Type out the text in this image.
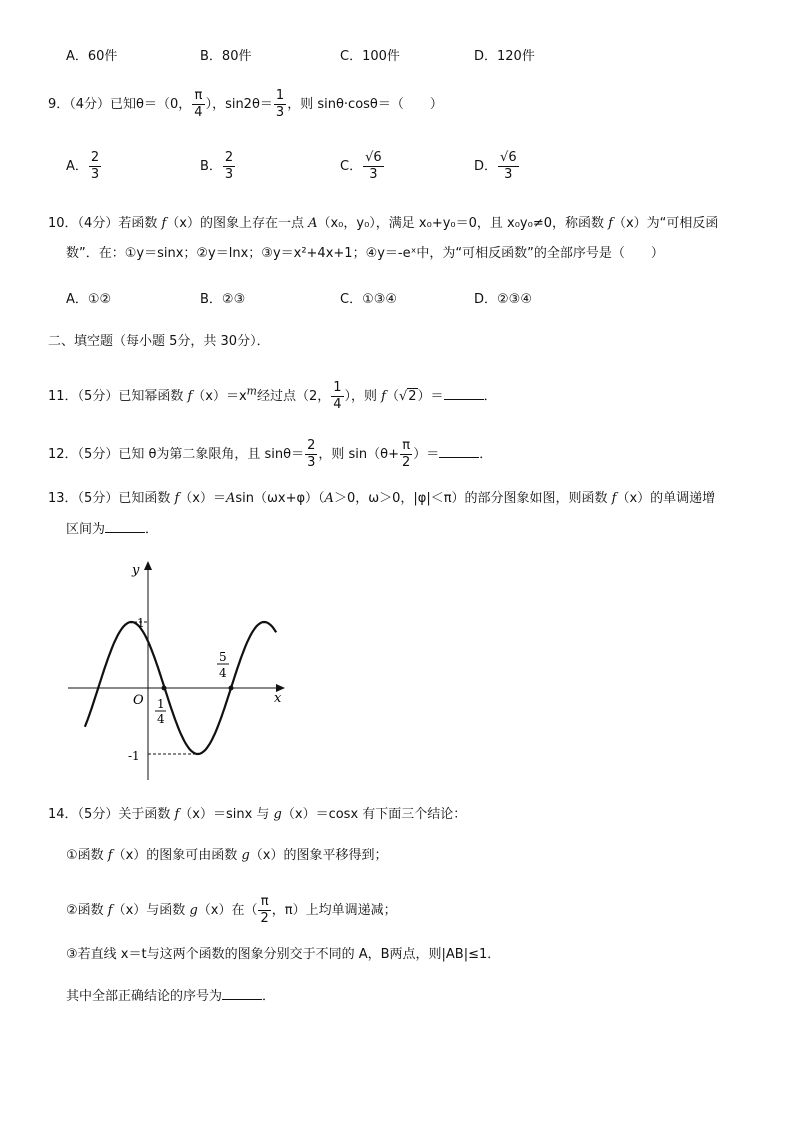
A．60件	B．80件	C．100件	D．120件
9．（4分）已知θ＝（0， $\frac{\pi}{4}$ ），$\sin 2\theta= \frac{1}{3}$ ，则 sinθ·cosθ＝（　　）
A． $\frac{2}{3}$	B． $\frac{2}{3}$	C． $\frac{√6}{3}$	D． $\frac{√6}{3}$
10．（4分）若函数 f（x）的图象上存在一点 A（x₀，y₀），满足 x₀+y₀＝0，且 x₀y₀≠0，称函数 f（x）为“可相反函
数”．在：①y＝sinx；②y＝lnx；③y＝x²+4x+1；④y＝-eˣ中，为“可相反函数”的全部序号是（　　）
A．①②	B．②③	C．①③④	D．②③④
二、填空题（每小题 5分，共 30分）．
11．（5分）已知幂函数 $f(x)=x^m$经过点（2， $\frac{1}{4}$ ），则 f（√2）＝	．
12．（5分）已知 θ为第二象限角，且 $\sin\theta= \frac{2}{3}$ ，则 $\sin(\theta+ \frac{\pi}{2}$ ）＝	．
13．（5分）已知函数 f（x）＝Asin（ωx+φ）（A＞0，ω＞0，|φ|＜π）的部分图象如图，则函数 f（x）的单调递增
区间为	．
y
x
O
1
-1
1
4
5
4
14．（5分）关于函数 f（x）＝sinx 与 g（x）＝cosx 有下面三个结论：
①函数 f（x）的图象可由函数 g（x）的图象平移得到；
②函数 f（x）与函数 g（x）在（ $\frac{\pi}{2}$ ，π）上均单调递减；
③若直线 x＝t与这两个函数的图象分别交于不同的 A，B两点，则|AB|≤1．
其中全部正确结论的序号为	．
